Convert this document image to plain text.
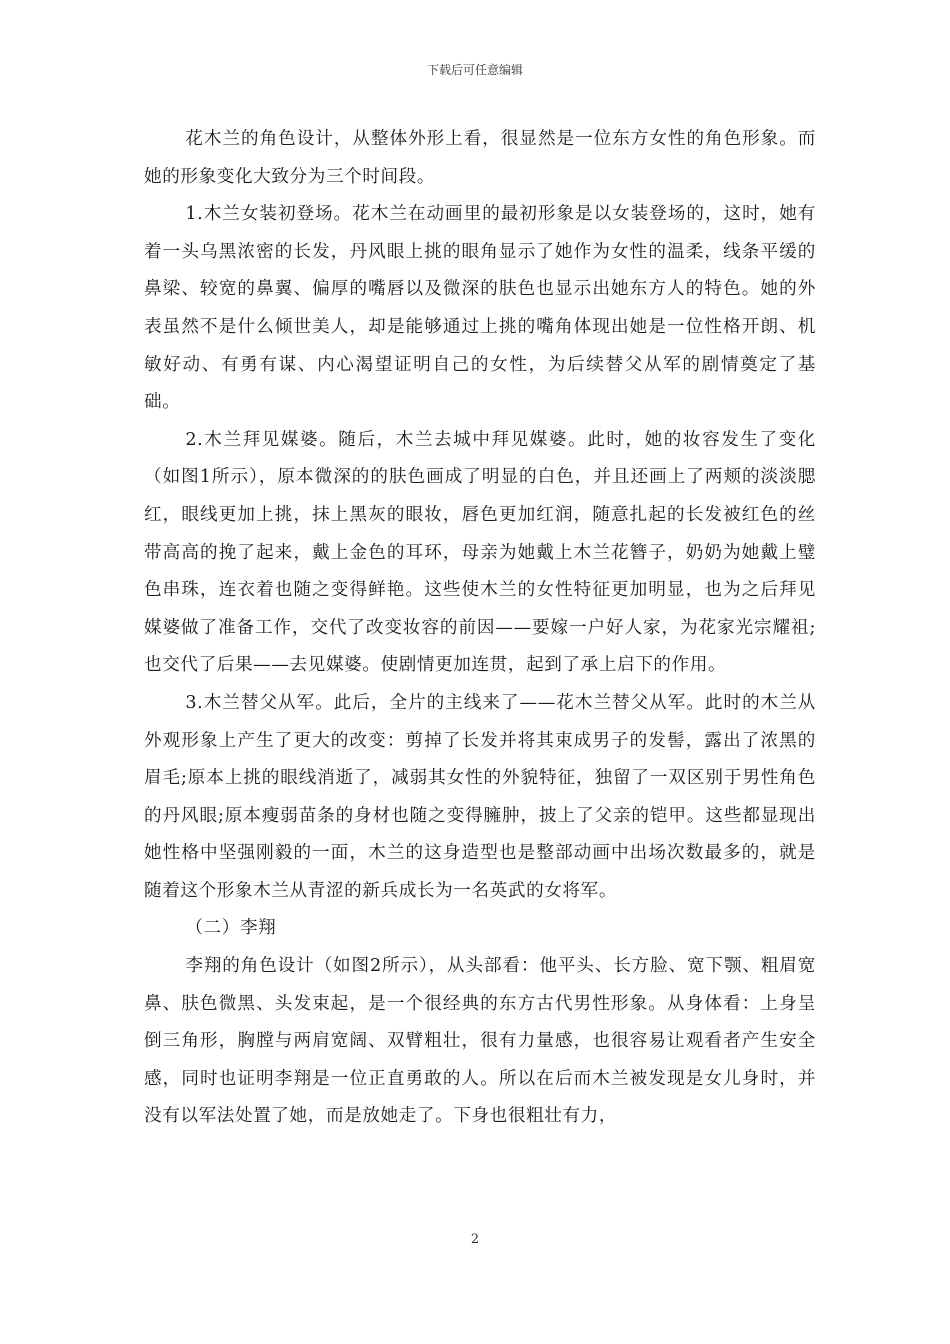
下载后可任意编辑

花木兰的角色设计，从整体外形上看，很显然是一位东方女性的角色形象。而她的形象变化大致分为三个时间段。

1.木兰女装初登场。花木兰在动画里的最初形象是以女装登场的，这时，她有着一头乌黑浓密的长发，丹风眼上挑的眼角显示了她作为女性的温柔，线条平缓的鼻梁、较宽的鼻翼、偏厚的嘴唇以及微深的肤色也显示出她东方人的特色。她的外表虽然不是什么倾世美人，却是能够通过上挑的嘴角体现出她是一位性格开朗、机敏好动、有勇有谋、内心渴望证明自己的女性，为后续替父从军的剧情奠定了基础。

2.木兰拜见媒婆。随后，木兰去城中拜见媒婆。此时，她的妆容发生了变化（如图1所示），原本微深的的肤色画成了明显的白色，并且还画上了两颊的淡淡腮红，眼线更加上挑，抹上黑灰的眼妆，唇色更加红润，随意扎起的长发被红色的丝带高高的挽了起来，戴上金色的耳环，母亲为她戴上木兰花簪子，奶奶为她戴上璧色串珠，连衣着也随之变得鲜艳。这些使木兰的女性特征更加明显，也为之后拜见媒婆做了准备工作，交代了改变妆容的前因——要嫁一户好人家，为花家光宗耀祖;也交代了后果——去见媒婆。使剧情更加连贯，起到了承上启下的作用。

3.木兰替父从军。此后，全片的主线来了——花木兰替父从军。此时的木兰从外观形象上产生了更大的改变：剪掉了长发并将其束成男子的发髻，露出了浓黑的眉毛;原本上挑的眼线消逝了，减弱其女性的外貌特征，独留了一双区别于男性角色的丹风眼;原本瘦弱苗条的身材也随之变得臃肿，披上了父亲的铠甲。这些都显现出她性格中坚强刚毅的一面，木兰的这身造型也是整部动画中出场次数最多的，就是随着这个形象木兰从青涩的新兵成长为一名英武的女将军。

（二）李翔

李翔的角色设计（如图2所示），从头部看：他平头、长方脸、宽下颚、粗眉宽鼻、肤色微黑、头发束起，是一个很经典的东方古代男性形象。从身体看：上身呈倒三角形，胸膛与两肩宽阔、双臂粗壮，很有力量感，也很容易让观看者产生安全感，同时也证明李翔是一位正直勇敢的人。所以在后而木兰被发现是女儿身时，并没有以军法处置了她，而是放她走了。下身也很粗壮有力，

2
